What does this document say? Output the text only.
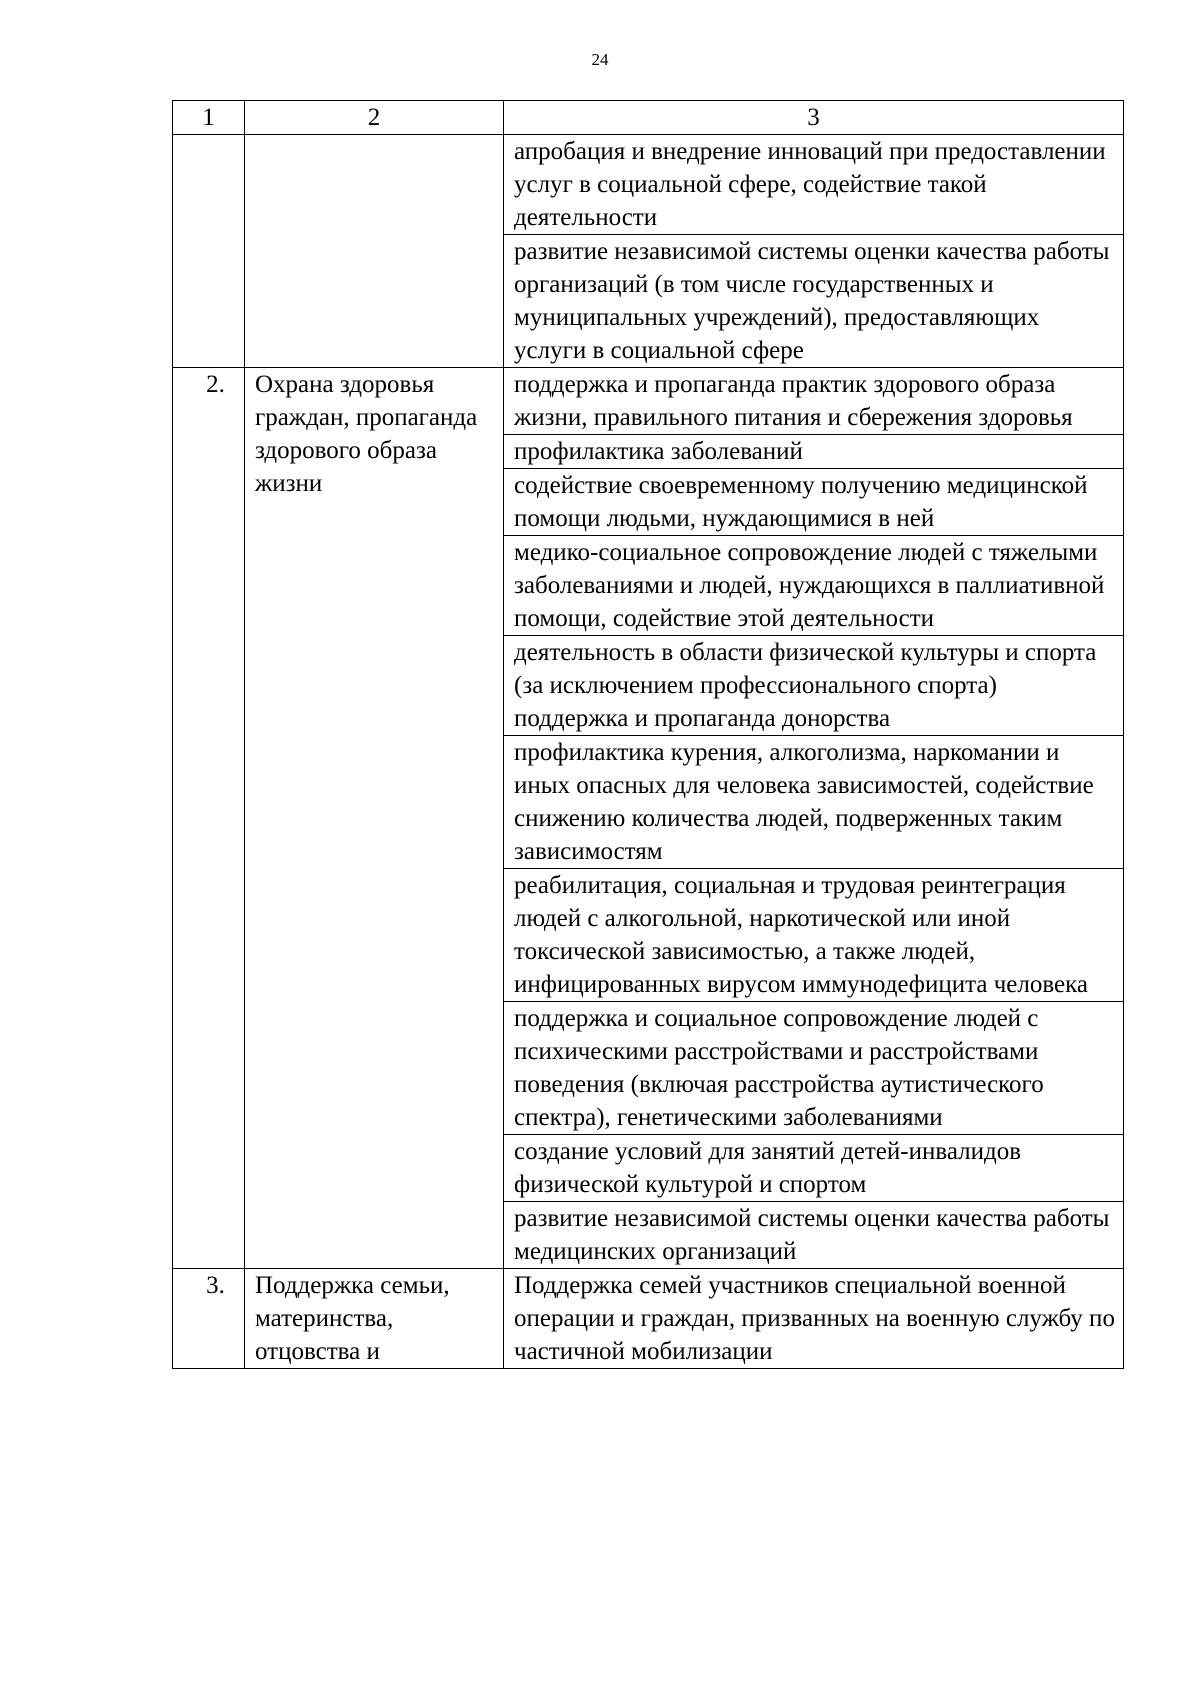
24
1	2	3
		апробация и внедрение инноваций при предоставлении услуг в социальной сфере, содействие такой деятельности
		развитие независимой системы оценки качества работы организаций (в том числе государственных и муниципальных учреждений), предоставляющих услуги в социальной сфере
2.	Охрана здоровья граждан, пропаганда здорового образа жизни	поддержка и пропаганда практик здорового образа жизни, правильного питания и сбережения здоровья
		профилактика заболеваний
		содействие своевременному получению медицинской помощи людьми, нуждающимися в ней
		медико-социальное сопровождение людей с тяжелыми заболеваниями и людей, нуждающихся в паллиативной помощи, содействие этой деятельности
		деятельность в области физической культуры и спорта (за исключением профессионального спорта) поддержка и пропаганда донорства
		профилактика курения, алкоголизма, наркомании и иных опасных для человека зависимостей, содействие снижению количества людей, подверженных таким зависимостям
		реабилитация, социальная и трудовая реинтеграция людей с алкогольной, наркотической или иной токсической зависимостью, а также людей, инфицированных вирусом иммунодефицита человека
		поддержка и социальное сопровождение людей с психическими расстройствами и расстройствами поведения (включая расстройства аутистического спектра), генетическими заболеваниями
		создание условий для занятий детей-инвалидов физической культурой и спортом
		развитие независимой системы оценки качества работы медицинских организаций
3.	Поддержка семьи, материнства, отцовства и	Поддержка семей участников специальной военной операции и граждан, призванных на военную службу по частичной мобилизации
